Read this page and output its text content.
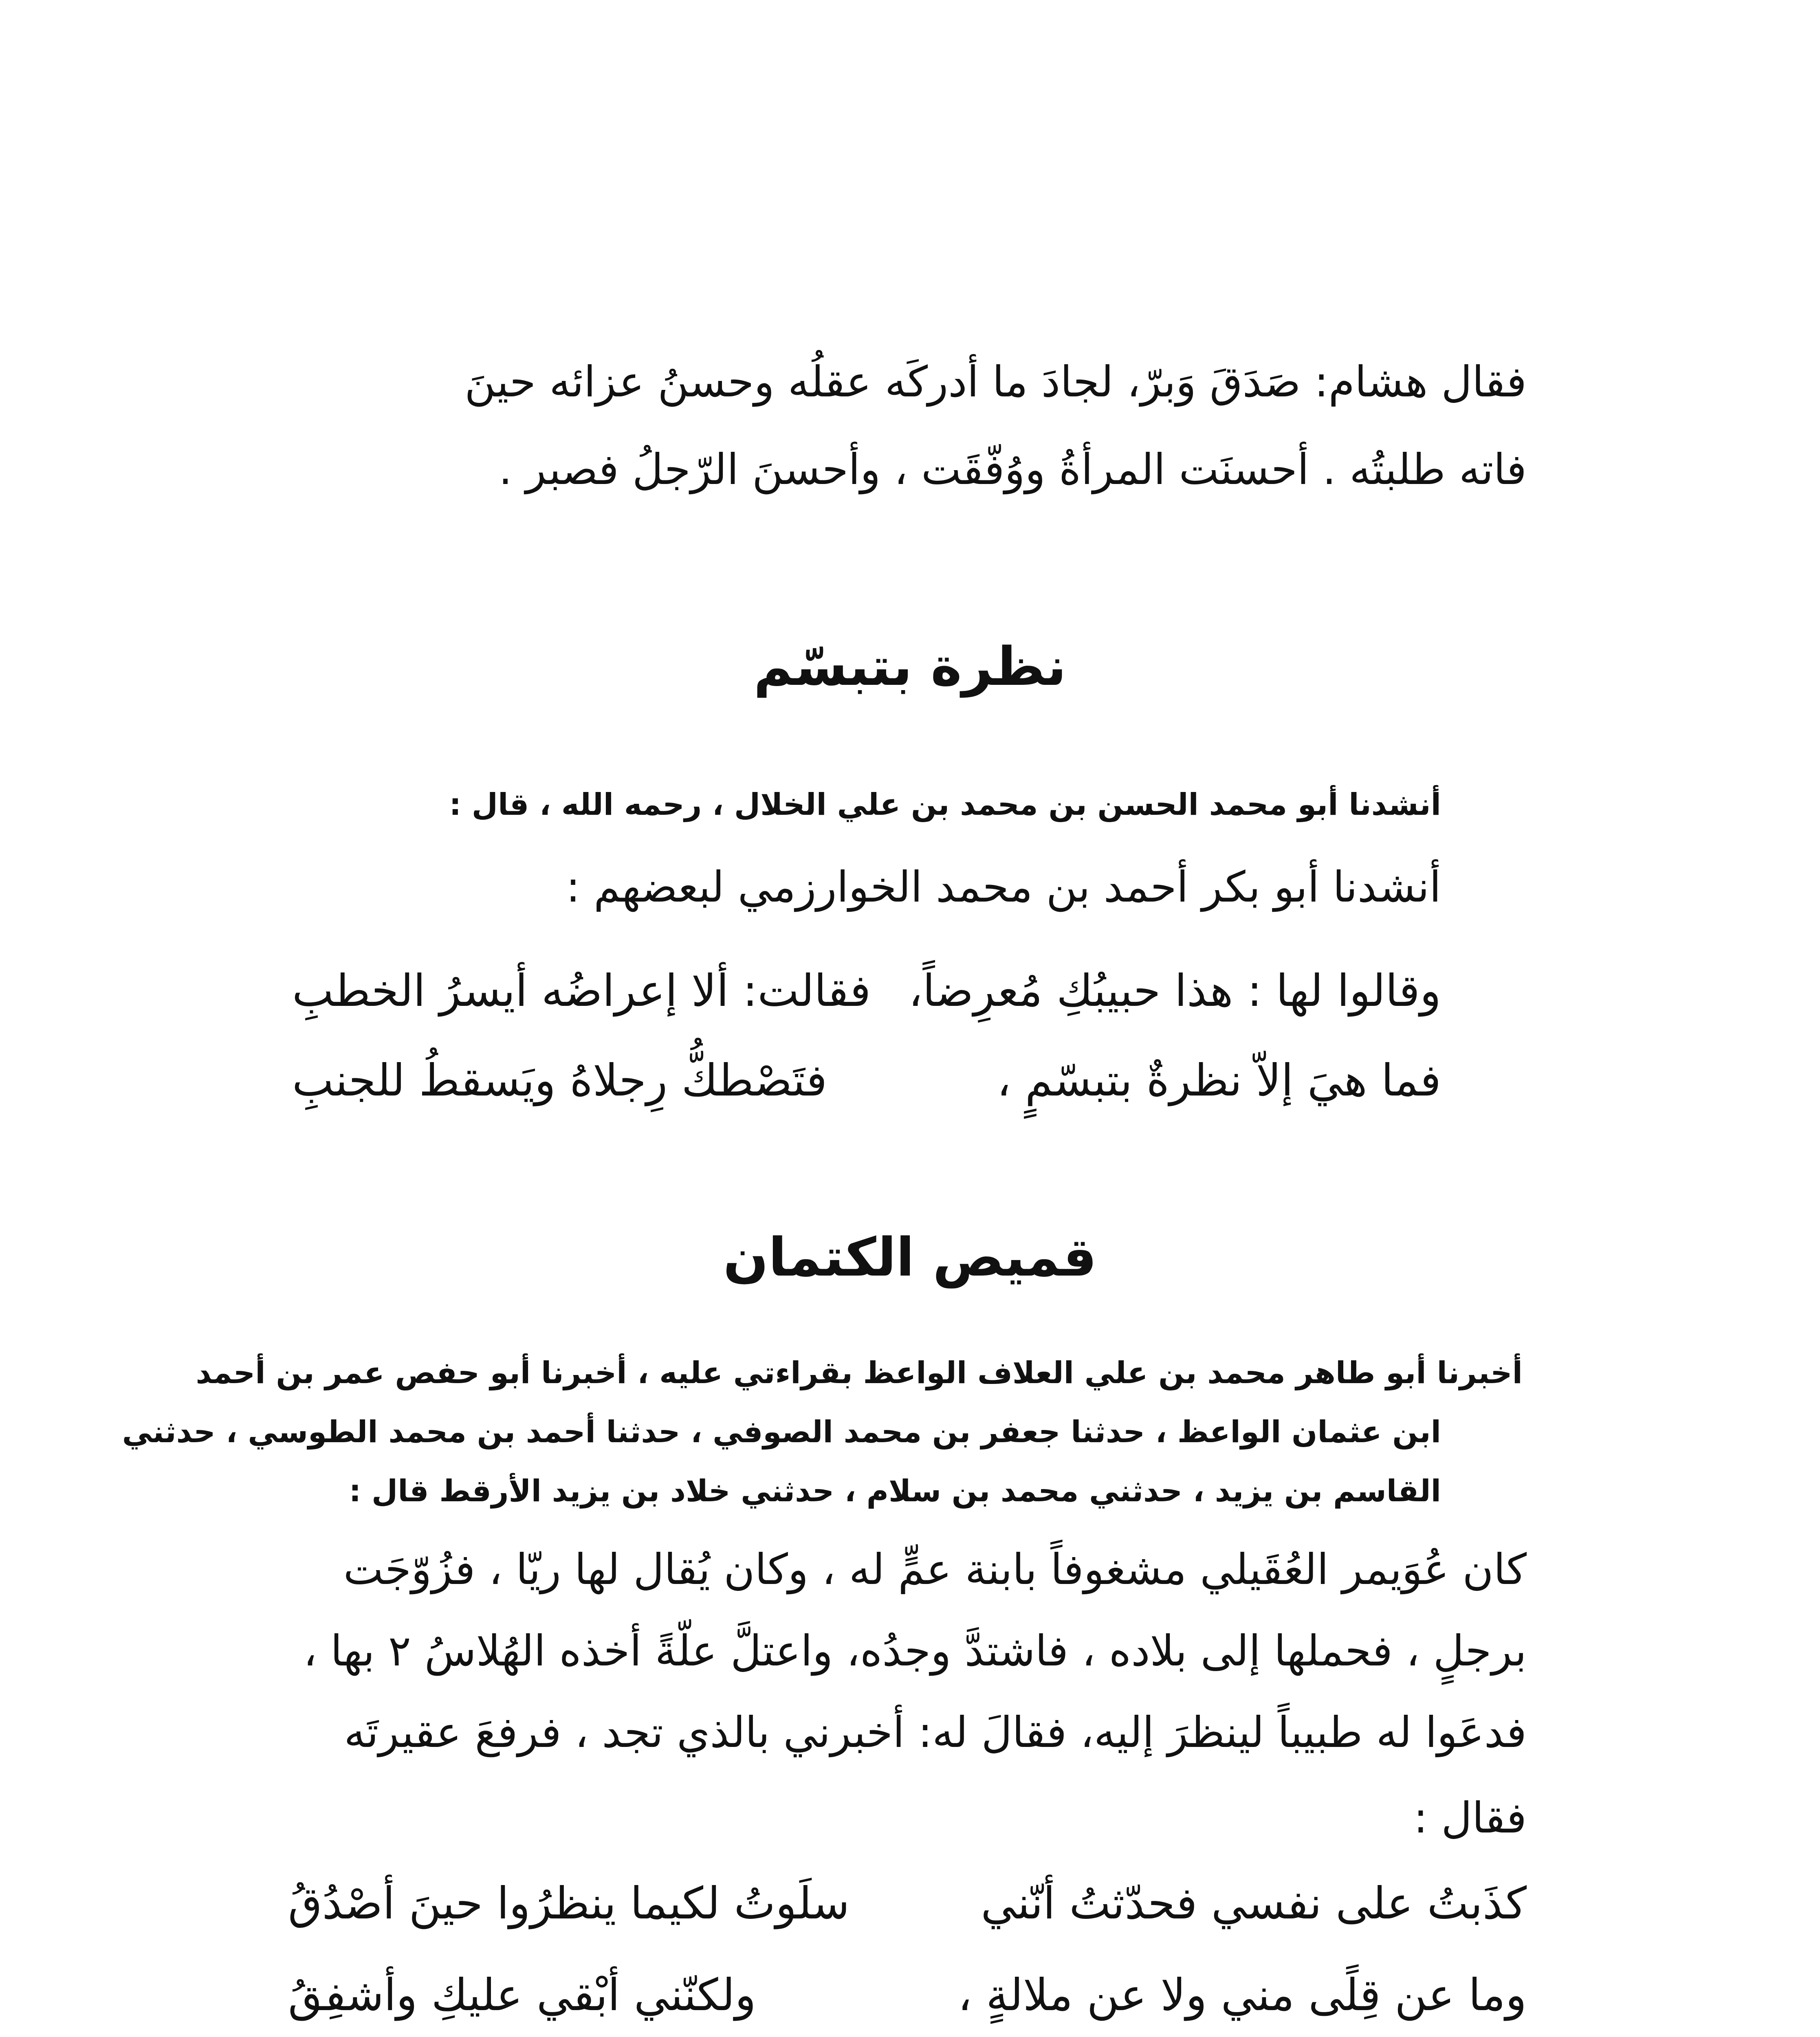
فقال هشام: صَدَقَ وَبرّ، لجادَ ما أدركَه عقلُه وحسنُ عزائه حينَ
فاته طلبتُه . أحسنَت المرأةُ ووُفّقَت ، وأحسنَ الرّجلُ فصبر .
نظرة بتبسّم
أنشدنا أبو محمد الحسن بن محمد بن علي الخلال ، رحمه الله ، قال :
أنشدنا أبو بكر أحمد بن محمد الخوارزمي لبعضهم :
وقالوا لها : هذا حبيبُكِ مُعرِضاً،
فقالت: ألا إعراضُه أيسرُ الخطبِ
فما هيَ إلاّ نظرةٌ بتبسّمٍ ،
فتَصْطكُّ رِجلاهُ ويَسقطُ للجنبِ
قميص الكتمان
أخبرنا أبو طاهر محمد بن علي العلاف الواعظ بقراءتي عليه ، أخبرنا أبو حفص عمر بن أحمد
ابن عثمان الواعظ ، حدثنا جعفر بن محمد الصوفي ، حدثنا أحمد بن محمد الطوسي ، حدثني
القاسم بن يزيد ، حدثني محمد بن سلام ، حدثني خلاد بن يزيد الأرقط قال :
كان عُوَيمر العُقَيلي مشغوفاً بابنة عمٍّ له ، وكان يُقال لها ريّا ، فزُوّجَت
برجلٍ ، فحملها إلى بلاده ، فاشتدَّ وجدُه، واعتلَّ علّةً أخذه الهُلاسُ ٢ بها ،
فدعَوا له طبيباً لينظرَ إليه، فقالَ له: أخبرني بالذي تجد ، فرفعَ عقيرتَه
فقال :
كذَبتُ على نفسي فحدّثتُ أنّني
سلَوتُ لكيما ينظرُوا حينَ أصْدُقُ
وما عن قِلًى مني ولا عن ملالةٍ ،
ولكنّني أبْقي عليكِ وأشفِقُ
